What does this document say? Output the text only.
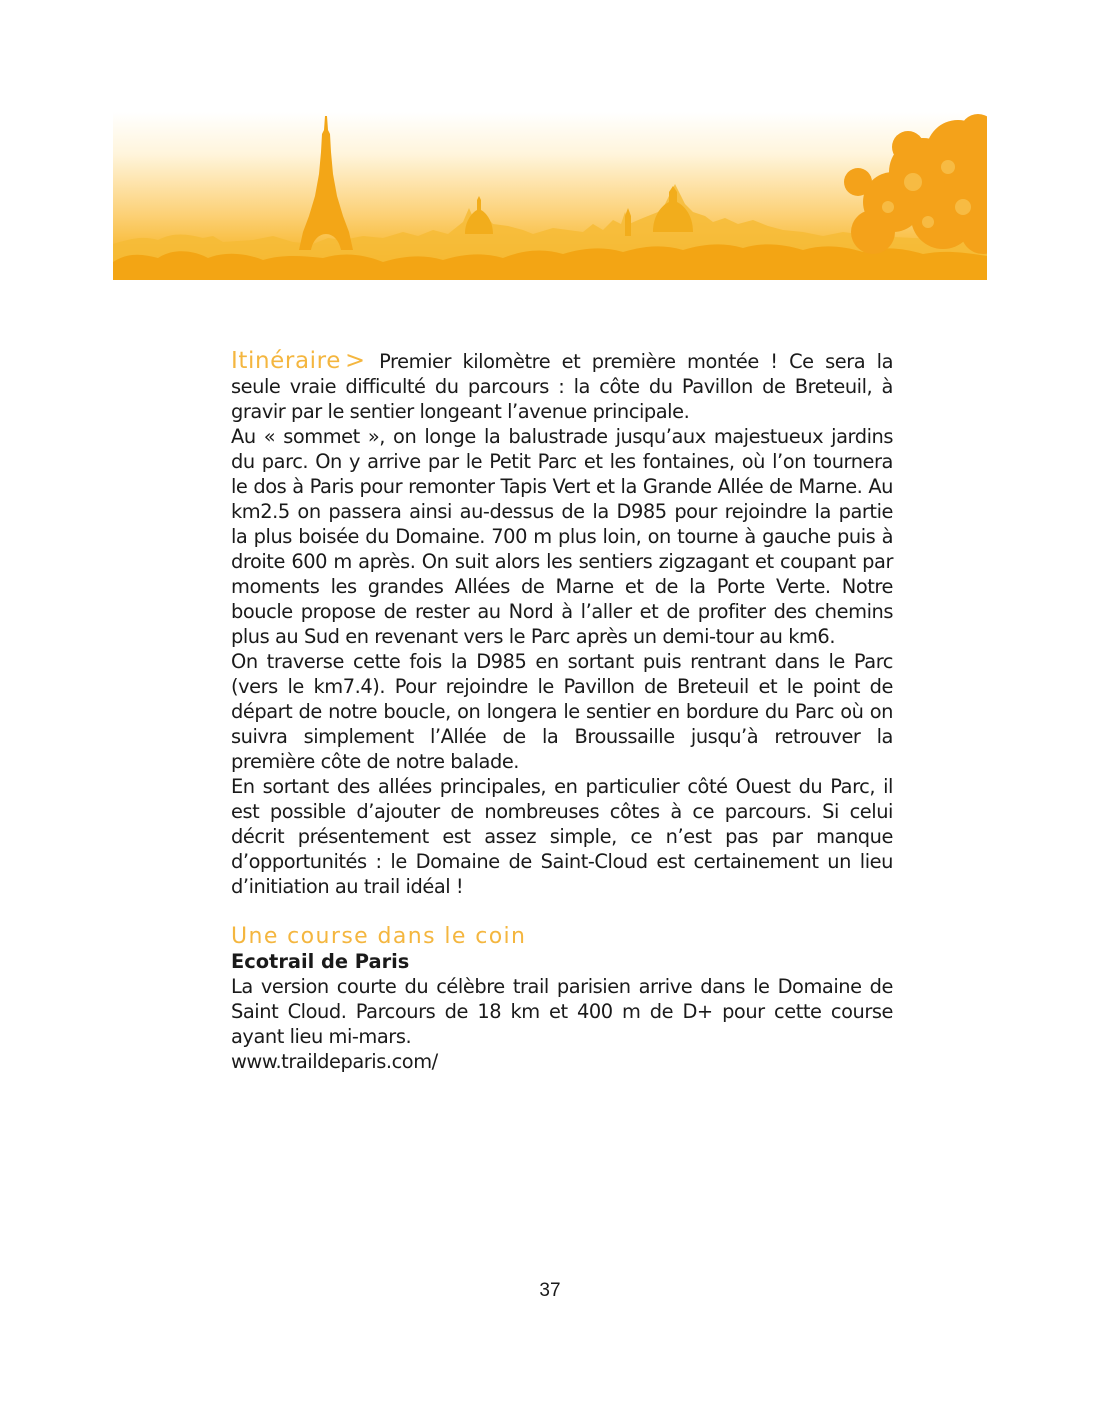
Itinéraire > Premier kilomètre et première montée ! Ce sera la seule vraie difficulté du parcours : la côte du Pavillon de Breteuil, à gravir par le sentier longeant l’avenue principale.

Au « sommet », on longe la balustrade jusqu’aux majestueux jardins du parc. On y arrive par le Petit Parc et les fontaines, où l’on tournera le dos à Paris pour remonter Tapis Vert et la Grande Allée de Marne. Au km2.5 on passera ainsi au-dessus de la D985 pour rejoindre la partie la plus boisée du Domaine. 700 m plus loin, on tourne à gauche puis à droite 600 m après. On suit alors les sentiers zigzagant et coupant par moments les grandes Allées de Marne et de la Porte Verte. Notre boucle propose de rester au Nord à l’aller et de profiter des chemins plus au Sud en revenant vers le Parc après un demi-tour au km6.

On traverse cette fois la D985 en sortant puis rentrant dans le Parc (vers le km7.4). Pour rejoindre le Pavillon de Breteuil et le point de départ de notre boucle, on longera le sentier en bordure du Parc où on suivra simplement l’Allée de la Broussaille jusqu’à retrouver la première côte de notre balade.

En sortant des allées principales, en particulier côté Ouest du Parc, il est possible d’ajouter de nombreuses côtes à ce parcours. Si celui décrit présentement est assez simple, ce n’est pas par manque d’opportunités : le Domaine de Saint-Cloud est certainement un lieu d’initiation au trail idéal !

Une course dans le coin

Ecotrail de Paris

La version courte du célèbre trail parisien arrive dans le Domaine de Saint Cloud. Parcours de 18 km et 400 m de D+ pour cette course ayant lieu mi-mars.

www.traildeparis.com/

37
